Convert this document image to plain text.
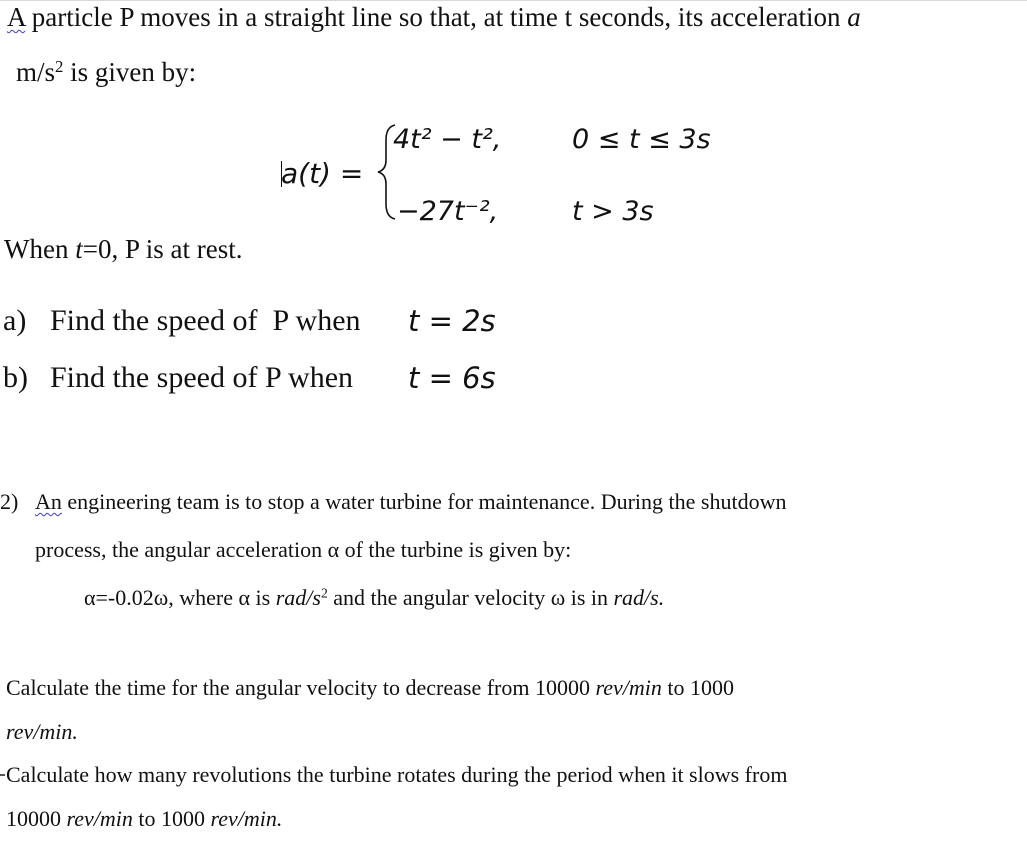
A particle P moves in a straight line so that, at time t seconds, its acceleration a
$m/s^2$ is given by:
a(t) =
4t² − t²,	0 ≤ t ≤ 3s
−27t⁻²,	t > 3s
When t=0, P is at rest.
a) Find the speed of  P when t = 2s
b) Find the speed of P when t = 6s
2) An engineering team is to stop a water turbine for maintenance. During the shutdown
process, the angular acceleration α of the turbine is given by:
α=-0.02ω, where α is rad/$s^2$ and the angular velocity ω is in rad/s.
Calculate the time for the angular velocity to decrease from 10000 rev/min to 1000
rev/min.
Calculate how many revolutions the turbine rotates during the period when it slows from
10000 rev/min to 1000 rev/min.
